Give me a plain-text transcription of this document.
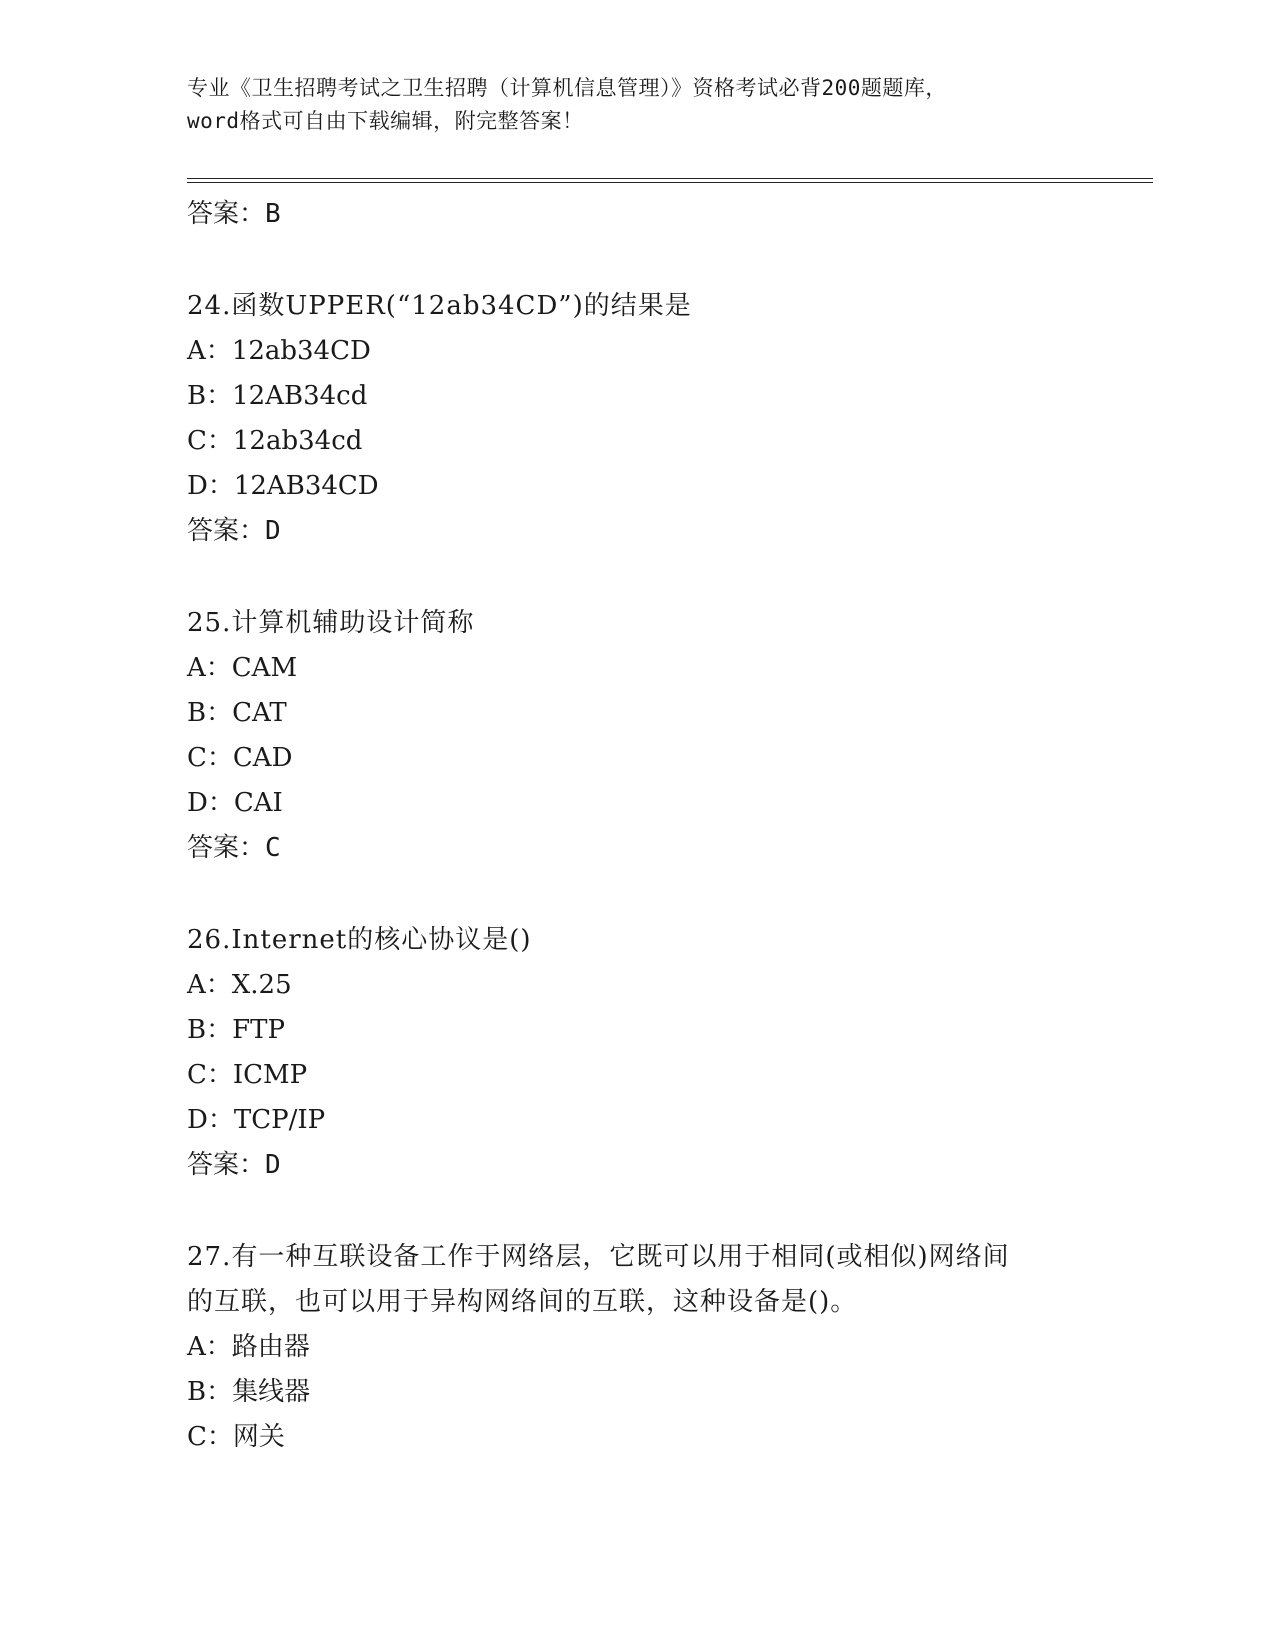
专业《卫生招聘考试之卫生招聘（计算机信息管理）》资格考试必背200题题库，
word格式可自由下载编辑，附完整答案！
答案：B
24.函数UPPER(“12ab34CD”)的结果是
A：12ab34CD
B：12AB34cd
C：12ab34cd
D：12AB34CD
答案：D
25.计算机辅助设计简称
A：CAM
B：CAT
C：CAD
D：CAI
答案：C
26.Internet的核心协议是()
A：X.25
B：FTP
C：ICMP
D：TCP/IP
答案：D
27.有一种互联设备工作于网络层，它既可以用于相同(或相似)网络间
的互联，也可以用于异构网络间的互联，这种设备是()。
A：路由器
B：集线器
C：网关
